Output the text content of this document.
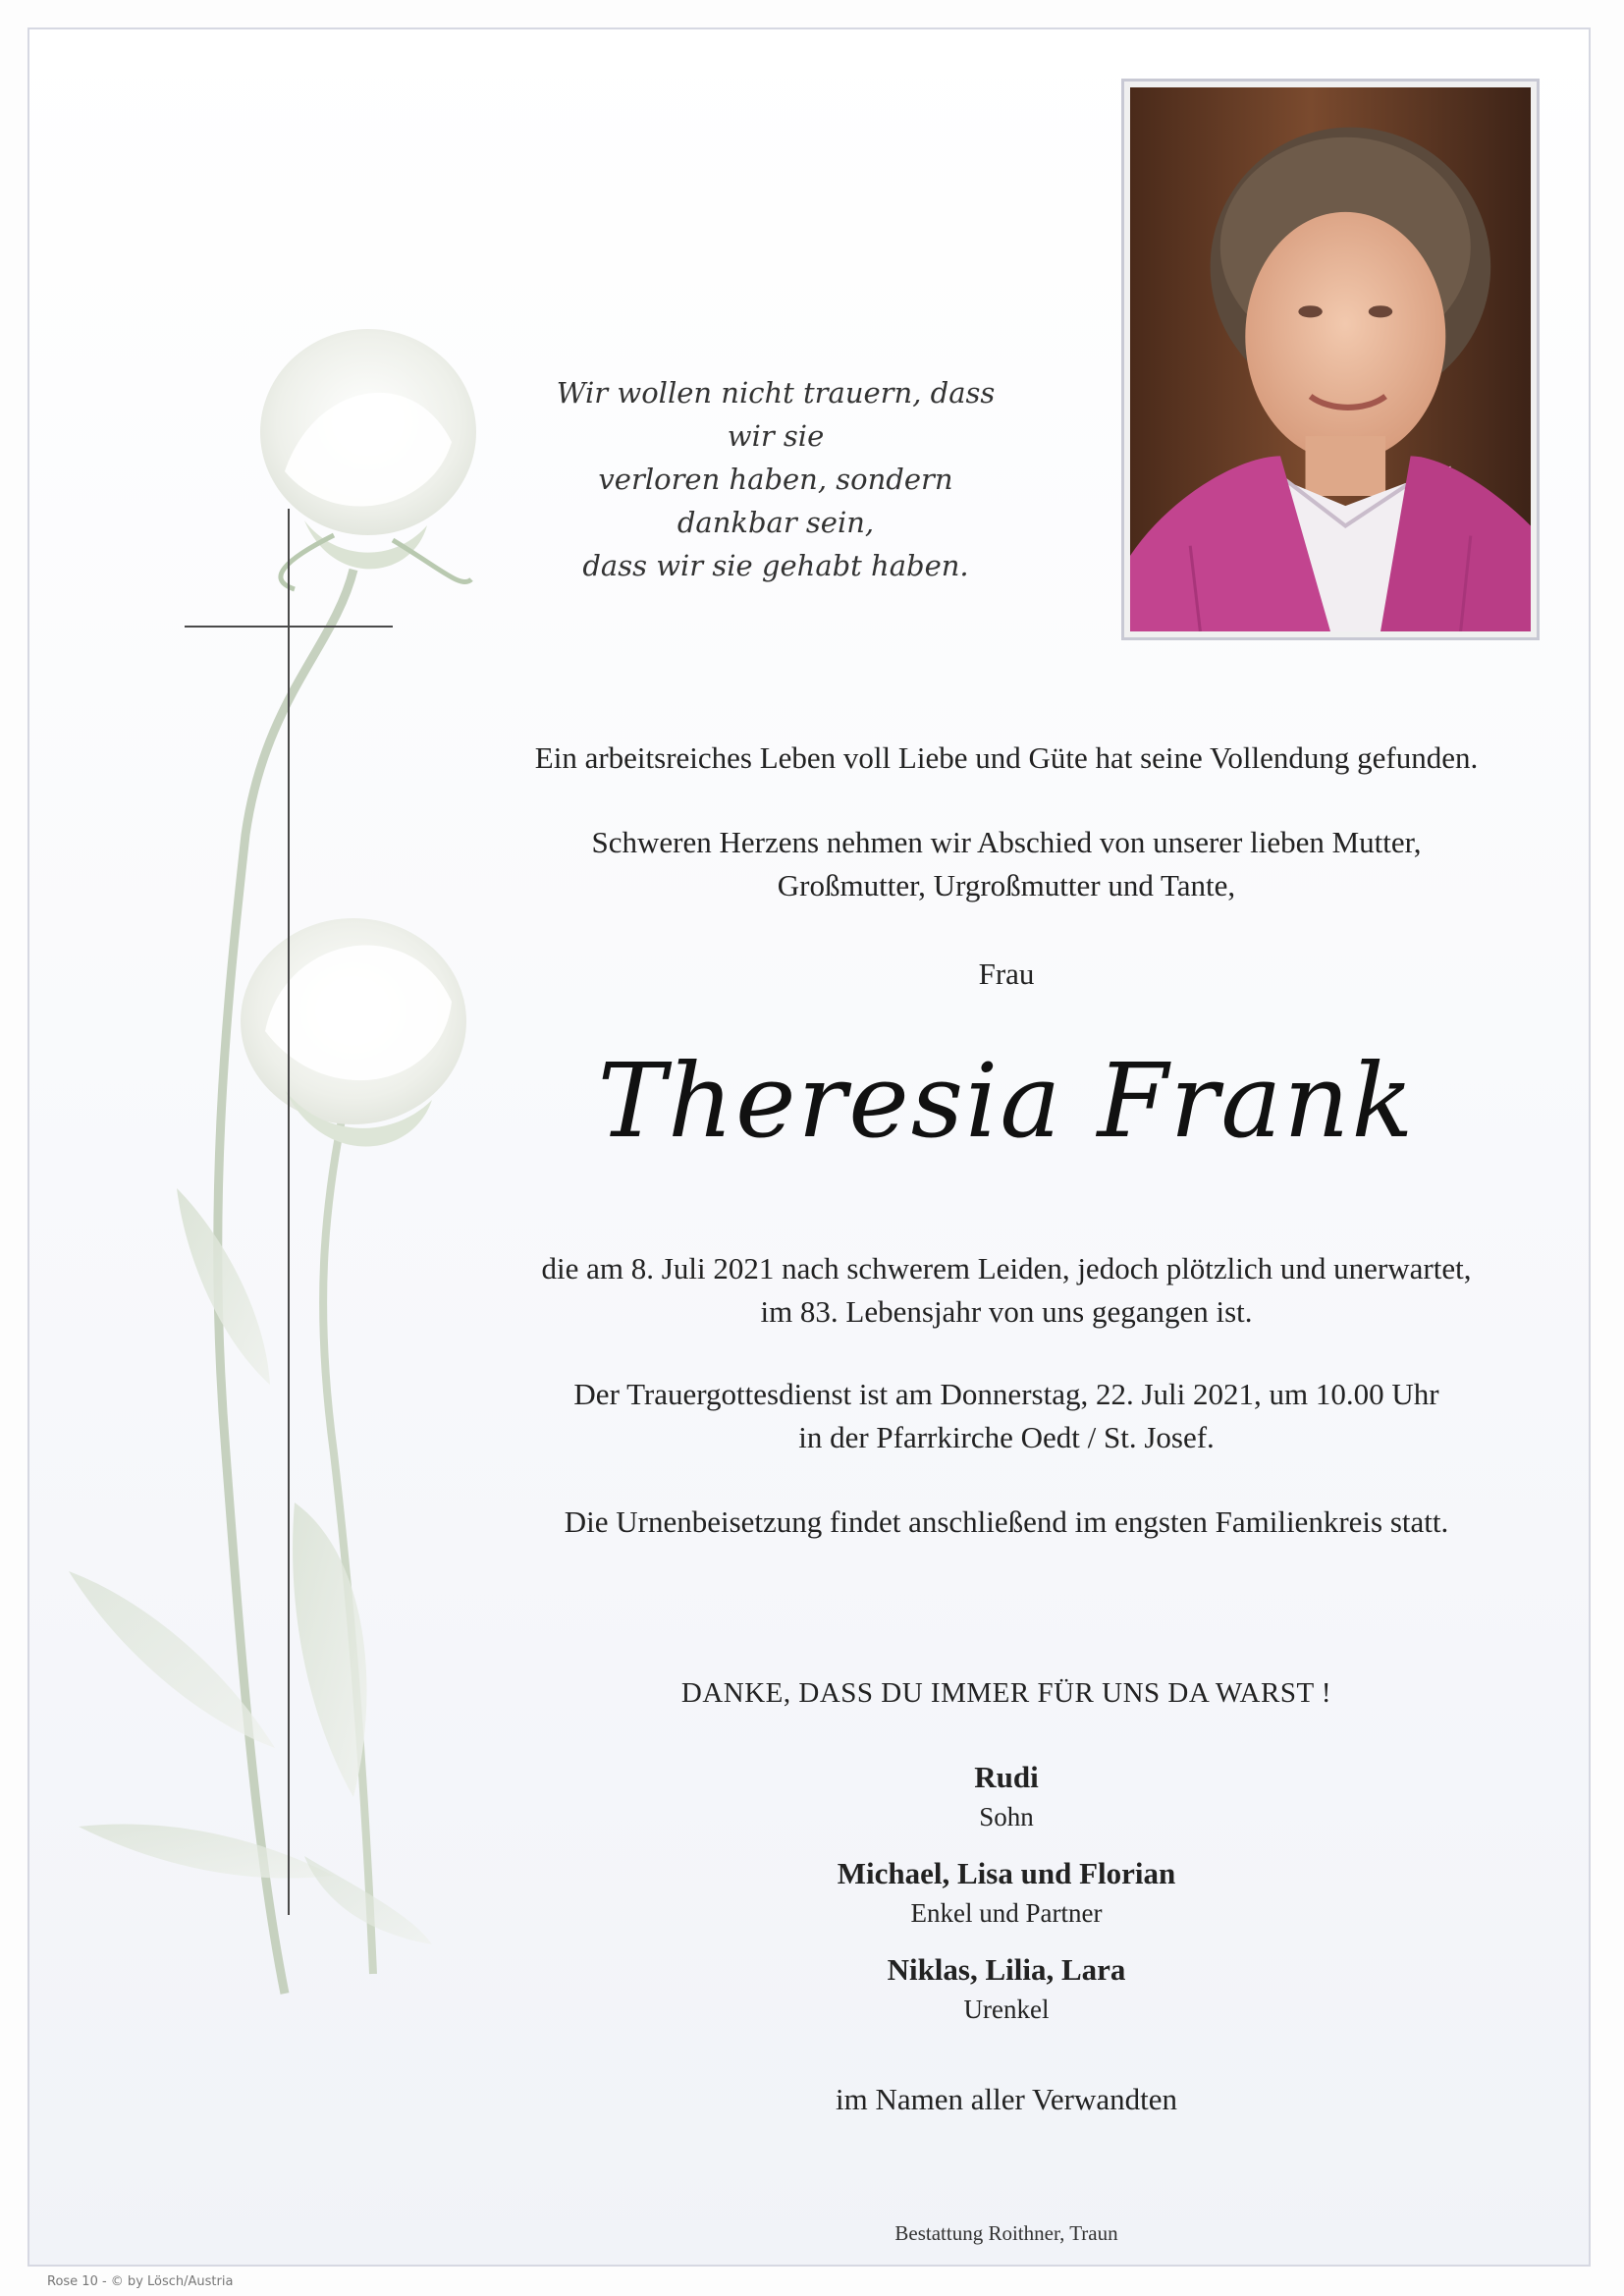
Wir wollen nicht trauern, dass wir sie
verloren haben, sondern dankbar sein,
dass wir sie gehabt haben.
Ein arbeitsreiches Leben voll Liebe und Güte hat seine Vollendung gefunden.
Schweren Herzens nehmen wir Abschied von unserer lieben Mutter,
Großmutter, Urgroßmutter und Tante,
Frau
Theresia Frank
die am 8. Juli 2021 nach schwerem Leiden, jedoch plötzlich und unerwartet,
im 83. Lebensjahr von uns gegangen ist.
Der Trauergottesdienst ist am Donnerstag, 22. Juli 2021, um 10.00 Uhr
in der Pfarrkirche Oedt / St. Josef.
Die Urnenbeisetzung findet anschließend im engsten Familienkreis statt.
DANKE, DASS DU IMMER FÜR UNS DA WARST !
Rudi
Sohn
Michael, Lisa und Florian
Enkel und Partner
Niklas, Lilia, Lara
Urenkel
im Namen aller Verwandten
Bestattung Roithner, Traun
Rose 10 - © by Lösch/Austria
